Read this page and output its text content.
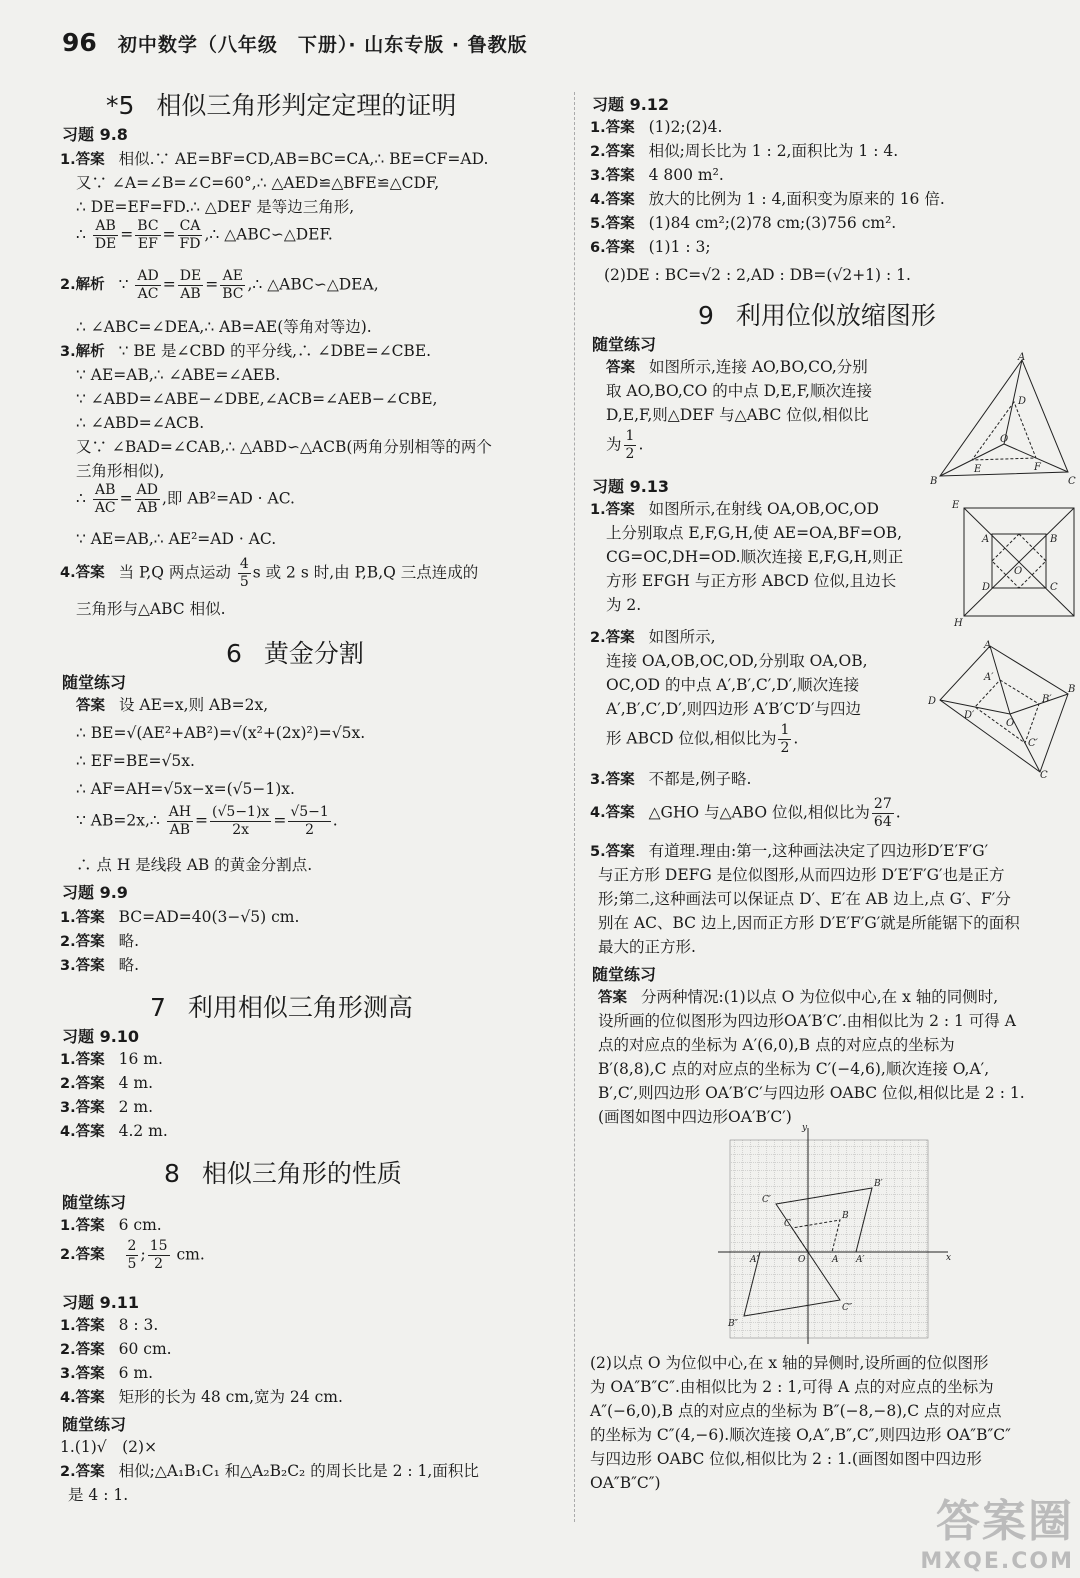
96 初中数学（八年级　下册）· 山东专版 · 鲁教版
*5 相似三角形判定定理的证明
习题 9.8
1.答案 相似.∵ AE=BF=CD,AB=BC=CA,∴ BE=CF=AD.
又∵ ∠A=∠B=∠C=60°,∴ △AED≌△BFE≌△CDF,
∴ DE=EF=FD.∴ △DEF 是等边三角形,
∴ $\frac{AB}{DE} = \frac{BC}{EF} = \frac{CA}{FD}$ ,∴ △ABC∽△DEF.
2.解析 ∵ $\frac{AD}{AC} = \frac{DE}{AB} = \frac{AE}{BC}$ ,∴ △ABC∽△DEA,
∴ ∠ABC=∠DEA,∴ AB=AE(等角对等边).
3.解析 ∵ BE 是∠CBD 的平分线,∴ ∠DBE=∠CBE.
∵ AE=AB,∴ ∠ABE=∠AEB.
∵ ∠ABD=∠ABE−∠DBE,∠ACB=∠AEB−∠CBE,
∴ ∠ABD=∠ACB.
又∵ ∠BAD=∠CAB,∴ △ABD∽△ACB(两角分别相等的两个
三角形相似),
∴ $\frac{AB}{AC} = \frac{AD}{AB}$ ,即 AB²=AD · AC.
∵ AE=AB,∴ AE²=AD · AC.
4.答案 当 P,Q 两点运动 $\frac{4}{5}$ s 或 2 s 时,由 P,B,Q 三点连成的
三角形与△ABC 相似.
6 黄金分割
随堂练习
答案 设 AE=x,则 AB=2x,
∴ BE=√(AE²+AB²)=√(x²+(2x)²)=√5x.
∴ EF=BE=√5x.
∴ AF=AH=√5x−x=(√5−1)x.
∵ AB=2x,∴ $\frac{AH}{AB} = \frac{(√5-1)x}{2x} = \frac{√5-1}{2}$ .
∴ 点 H 是线段 AB 的黄金分割点.
习题 9.9
1.答案 BC=AD=40(3−√5) cm.
2.答案 略.
3.答案 略.
7 利用相似三角形测高
习题 9.10
1.答案 16 m.
2.答案 4 m.
3.答案 2 m.
4.答案 4.2 m.
8 相似三角形的性质
随堂练习
1.答案 6 cm.
2.答案 $\frac{2}{5}$ ; $\frac{15}{2}$ cm.
习题 9.11
1.答案 8 : 3.
2.答案 60 cm.
3.答案 6 m.
4.答案 矩形的长为 48 cm,宽为 24 cm.
随堂练习
1.(1)√　(2)×
2.答案 相似;△A₁B₁C₁ 和△A₂B₂C₂ 的周长比是 2 : 1,面积比
是 4 : 1.
习题 9.12
1.答案 (1)2;(2)4.
2.答案 相似;周长比为 1 : 2,面积比为 1 : 4.
3.答案 4 800 m².
4.答案 放大的比例为 1 : 4,面积变为原来的 16 倍.
5.答案 (1)84 cm²;(2)78 cm;(3)756 cm².
6.答案 (1)1 : 3;
(2)DE : BC=√2 : 2,AD : DB=(√2+1) : 1.
9 利用位似放缩图形
随堂练习
答案 如图所示,连接 AO,BO,CO,分别
取 AO,BO,CO 的中点 D,E,F,顺次连接
D,E,F,则△DEF 与△ABC 位似,相似比
为 $\frac{1}{2}$ .
习题 9.13
1.答案 如图所示,在射线 OA,OB,OC,OD
上分别取点 E,F,G,H,使 AE=OA,BF=OB,
CG=OC,DH=OD.顺次连接 E,F,G,H,则正
方形 EFGH 与正方形 ABCD 位似,且边长
为 2.
2.答案 如图所示,
连接 OA,OB,OC,OD,分别取 OA,OB,
OC,OD 的中点 A′,B′,C′,D′,顺次连接
A′,B′,C′,D′,则四边形 A′B′C′D′与四边
形 ABCD 位似,相似比为 $\frac{1}{2}$ .
3.答案 不都是,例子略.
4.答案 △GHO 与△ABO 位似,相似比为 $\frac{27}{64}$ .
5.答案 有道理.理由:第一,这种画法决定了四边形D′E′F′G′
与正方形 DEFG 是位似图形,从而四边形 D′E′F′G′也是正方
形;第二,这种画法可以保证点 D′、E′在 AB 边上,点 G′、F′分
别在 AC、BC 边上,因而正方形 D′E′F′G′就是所能锯下的面积
最大的正方形.
随堂练习
答案 分两种情况:(1)以点 O 为位似中心,在 x 轴的同侧时,
设所画的位似图形为四边形OA′B′C′.由相似比为 2 : 1 可得 A
点的对应点的坐标为 A′(6,0),B 点的对应点的坐标为
B′(8,8),C 点的对应点的坐标为 C′(−4,6),顺次连接 O,A′,
B′,C′,则四边形 OA′B′C′与四边形 OABC 位似,相似比是 2 : 1.
(画图如图中四边形OA′B′C′)
(2)以点 O 为位似中心,在 x 轴的异侧时,设所画的位似图形
为 OA″B″C″.由相似比为 2 : 1,可得 A 点的对应点的坐标为
A″(−6,0),B 点的对应点的坐标为 B″(−8,−8),C 点的对应点
的坐标为 C″(4,−6).顺次连接 O,A″,B″,C″,则四边形 OA″B″C″
与四边形 OABC 位似,相似比为 2 : 1.(画图如图中四边形
OA″B″C″)
A
B	C
D
E	F
O
E
A	B
O
D	C
H
A
B
C
D
O
A′
B′
C′
D′
y
x
O	A
B
C
A′
B′
C′
A″
B″
C″
答案圈
MXQE.COM
